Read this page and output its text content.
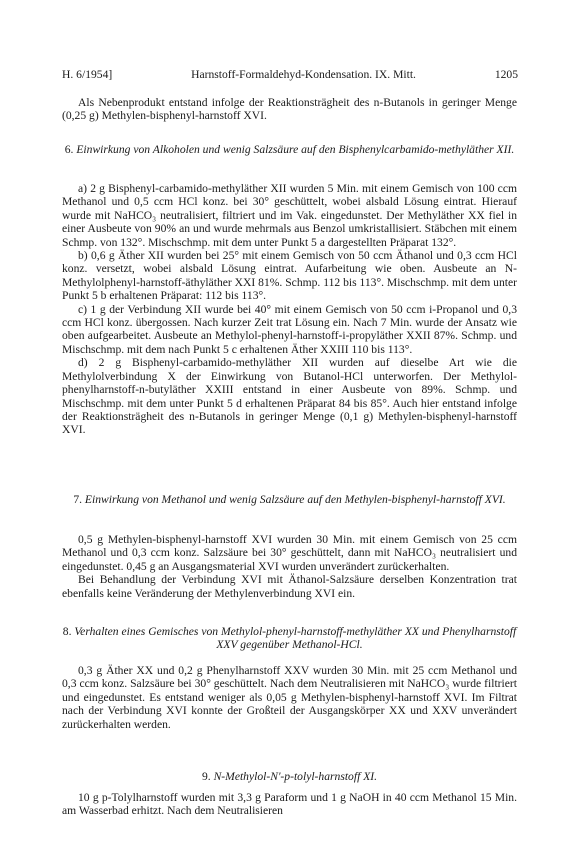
H. 6/1954]	Harnstoff-Formaldehyd-Kondensation. IX. Mitt.	1205

Als Nebenprodukt entstand infolge der Reaktionsträgheit des n-Butanols in geringer Menge (0,25 g) Methylen-bisphenyl-harnstoff XVI.

6. Einwirkung von Alkoholen und wenig Salzsäure auf den Bisphenylcarbamido-methyläther XII.

a) 2 g Bisphenyl-carbamido-methyläther XII wurden 5 Min. mit einem Gemisch von 100 ccm Methanol und 0,5 ccm HCl konz. bei 30° geschüttelt, wobei alsbald Lösung eintrat. Hierauf wurde mit NaHCO₃ neutralisiert, filtriert und im Vak. eingedunstet. Der Methyläther XX fiel in einer Ausbeute von 90% an und wurde mehrmals aus Benzol umkristallisiert. Stäbchen mit einem Schmp. von 132°. Mischschmp. mit dem unter Punkt 5 a dargestellten Präparat 132°.

b) 0,6 g Äther XII wurden bei 25° mit einem Gemisch von 50 ccm Äthanol und 0,3 ccm HCl konz. versetzt, wobei alsbald Lösung eintrat. Aufarbeitung wie oben. Ausbeute an N-Methylolphenyl-harnstoff-äthyläther XXI 81%. Schmp. 112 bis 113°. Mischschmp. mit dem unter Punkt 5 b erhaltenen Präparat: 112 bis 113°.

c) 1 g der Verbindung XII wurde bei 40° mit einem Gemisch von 50 ccm i-Propanol und 0,3 ccm HCl konz. übergossen. Nach kurzer Zeit trat Lösung ein. Nach 7 Min. wurde der Ansatz wie oben aufgearbeitet. Ausbeute an Methylol-phenyl-harnstoff-i-propyläther XXII 87%. Schmp. und Mischschmp. mit dem nach Punkt 5 c erhaltenen Äther XXIII 110 bis 113°.

d) 2 g Bisphenyl-carbamido-methyläther XII wurden auf dieselbe Art wie die Methylolverbindung X der Einwirkung von Butanol-HCl unterworfen. Der Methylol-phenylharnstoff-n-butyläther XXIII entstand in einer Ausbeute von 89%. Schmp. und Mischschmp. mit dem unter Punkt 5 d erhaltenen Präparat 84 bis 85°. Auch hier entstand infolge der Reaktionsträgheit des n-Butanols in geringer Menge (0,1 g) Methylen-bisphenyl-harnstoff XVI.

7. Einwirkung von Methanol und wenig Salzsäure auf den Methylen-bisphenyl-harnstoff XVI.

0,5 g Methylen-bisphenyl-harnstoff XVI wurden 30 Min. mit einem Gemisch von 25 ccm Methanol und 0,3 ccm konz. Salzsäure bei 30° geschüttelt, dann mit NaHCO₃ neutralisiert und eingedunstet. 0,45 g an Ausgangsmaterial XVI wurden unverändert zurückerhalten.

Bei Behandlung der Verbindung XVI mit Äthanol-Salzsäure derselben Konzentration trat ebenfalls keine Veränderung der Methylenverbindung XVI ein.

8. Verhalten eines Gemisches von Methylol-phenyl-harnstoff-methyläther XX und Phenylharnstoff XXV gegenüber Methanol-HCl.

0,3 g Äther XX und 0,2 g Phenylharnstoff XXV wurden 30 Min. mit 25 ccm Methanol und 0,3 ccm konz. Salzsäure bei 30° geschüttelt. Nach dem Neutralisieren mit NaHCO₃ wurde filtriert und eingedunstet. Es entstand weniger als 0,05 g Methylen-bisphenyl-harnstoff XVI. Im Filtrat nach der Verbindung XVI konnte der Großteil der Ausgangskörper XX und XXV unverändert zurückerhalten werden.

9. N-Methylol-N'-p-tolyl-harnstoff XI.

10 g p-Tolylharnstoff wurden mit 3,3 g Paraform und 1 g NaOH in 40 ccm Methanol 15 Min. am Wasserbad erhitzt. Nach dem Neutralisieren
